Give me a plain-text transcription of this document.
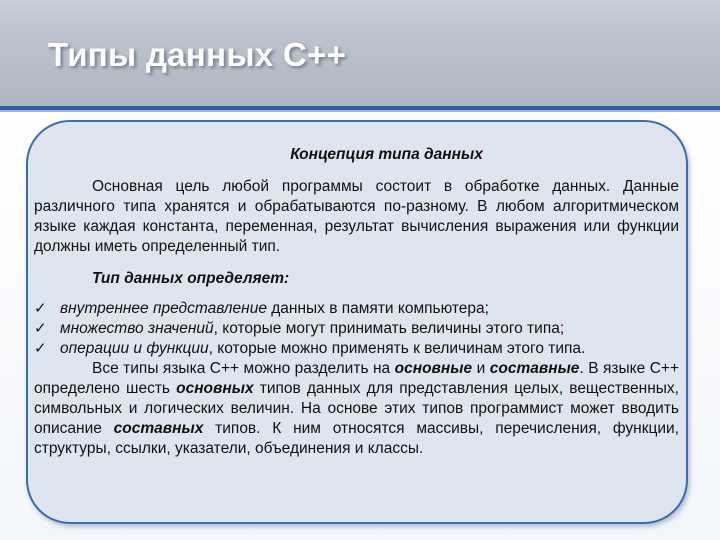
Типы данных C++

Концепция типа данных

Основная цель любой программы состоит в обработке данных. Данные различного типа хранятся и обрабатываются по-разному. В любом алгоритмическом языке каждая константа, переменная, результат вычисления выражения или функции должны иметь определенный тип.

Тип данных определяет:

✓ внутреннее представление данных в памяти компьютера;
✓ множество значений, которые могут принимать величины этого типа;
✓ операции и функции, которые можно применять к величинам этого типа.

Все типы языка C++ можно разделить на основные и составные. В языке C++ определено шесть основных типов данных для представления целых, вещественных, символьных и логических величин. На основе этих типов программист может вводить описание составных типов. К ним относятся массивы, перечисления, функции, структуры, ссылки, указатели, объединения и классы.
